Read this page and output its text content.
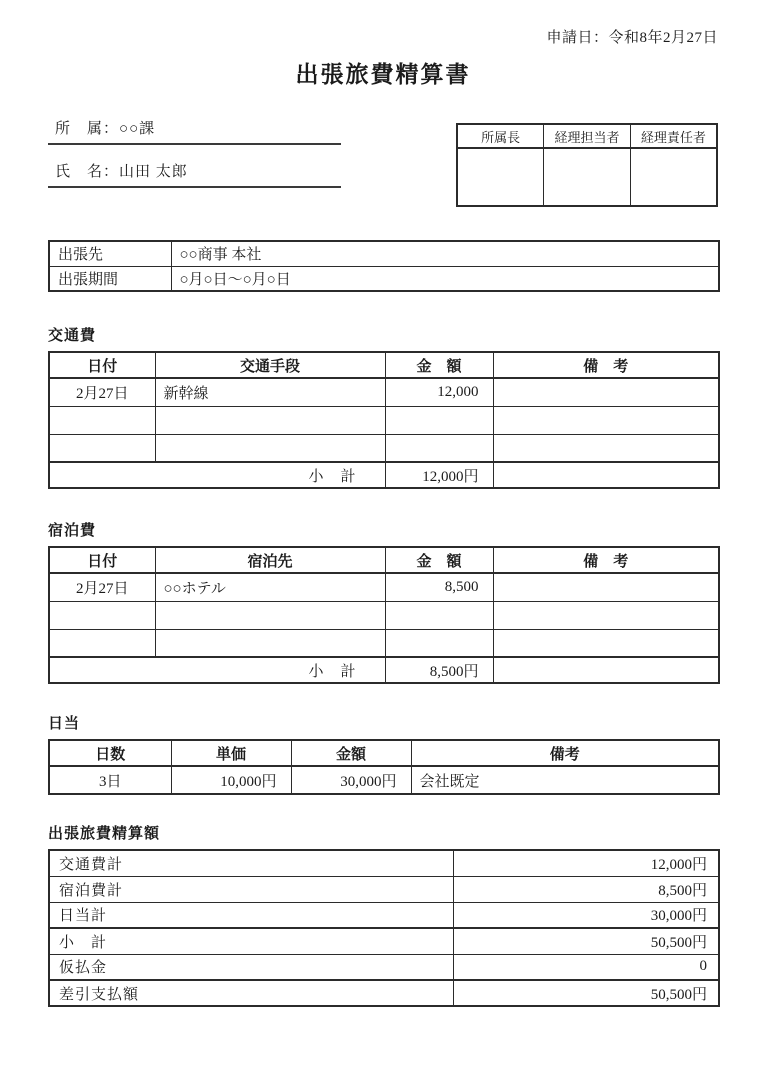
申請日：令和8年2月27日
出張旅費精算書
所　属：○○課
氏　名：山田 太郎
所属長	経理担当者	経理責任者

出張先	○○商事 本社
出張期間	○月○日～○月○日
交通費
日付	交通手段	金　額	備　考
2月27日	新幹線	12,000	

小　計		12,000円	
宿泊費
日付	宿泊先	金　額	備　考
2月27日	○○ホテル	8,500	

小　計		8,500円	
日当
日数	単価	金額	備考
3日	10,000円	30,000円	会社既定
出張旅費精算額
交通費計	12,000円
宿泊費計	8,500円
日当計	30,000円
小　計	50,500円
仮払金	0
差引支払額	50,500円
